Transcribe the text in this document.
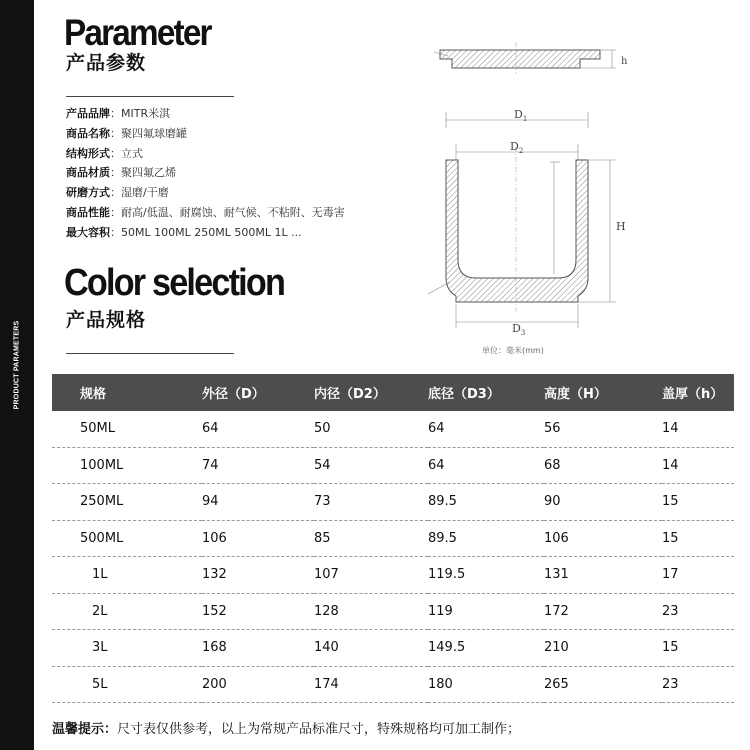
PRODUCT PARAMETERS
Parameter
产品参数
产品品牌：MITR米淇
商品名称：聚四氟球磨罐
结构形式：立式
商品材质：聚四氟乙烯
研磨方式：湿磨/干磨
商品性能：耐高/低温、耐腐蚀、耐气候、不粘附、无毒害
最大容积：50ML 100ML 250ML 500ML 1L ...
Color selection
产品规格
h
$D_1$
$D_2$
H
$D_3$
单位：毫米(mm)
规格	外径（D）	内径（D2）	底径（D3）	高度（H）	盖厚（h）
50ML	64	50	64	56	14
100ML	74	54	64	68	14
250ML	94	73	89.5	90	15
500ML	106	85	89.5	106	15
1L	132	107	119.5	131	17
2L	152	128	119	172	23
3L	168	140	149.5	210	15
5L	200	174	180	265	23
温馨提示：尺寸表仅供参考，以上为常规产品标准尺寸，特殊规格均可加工制作；
